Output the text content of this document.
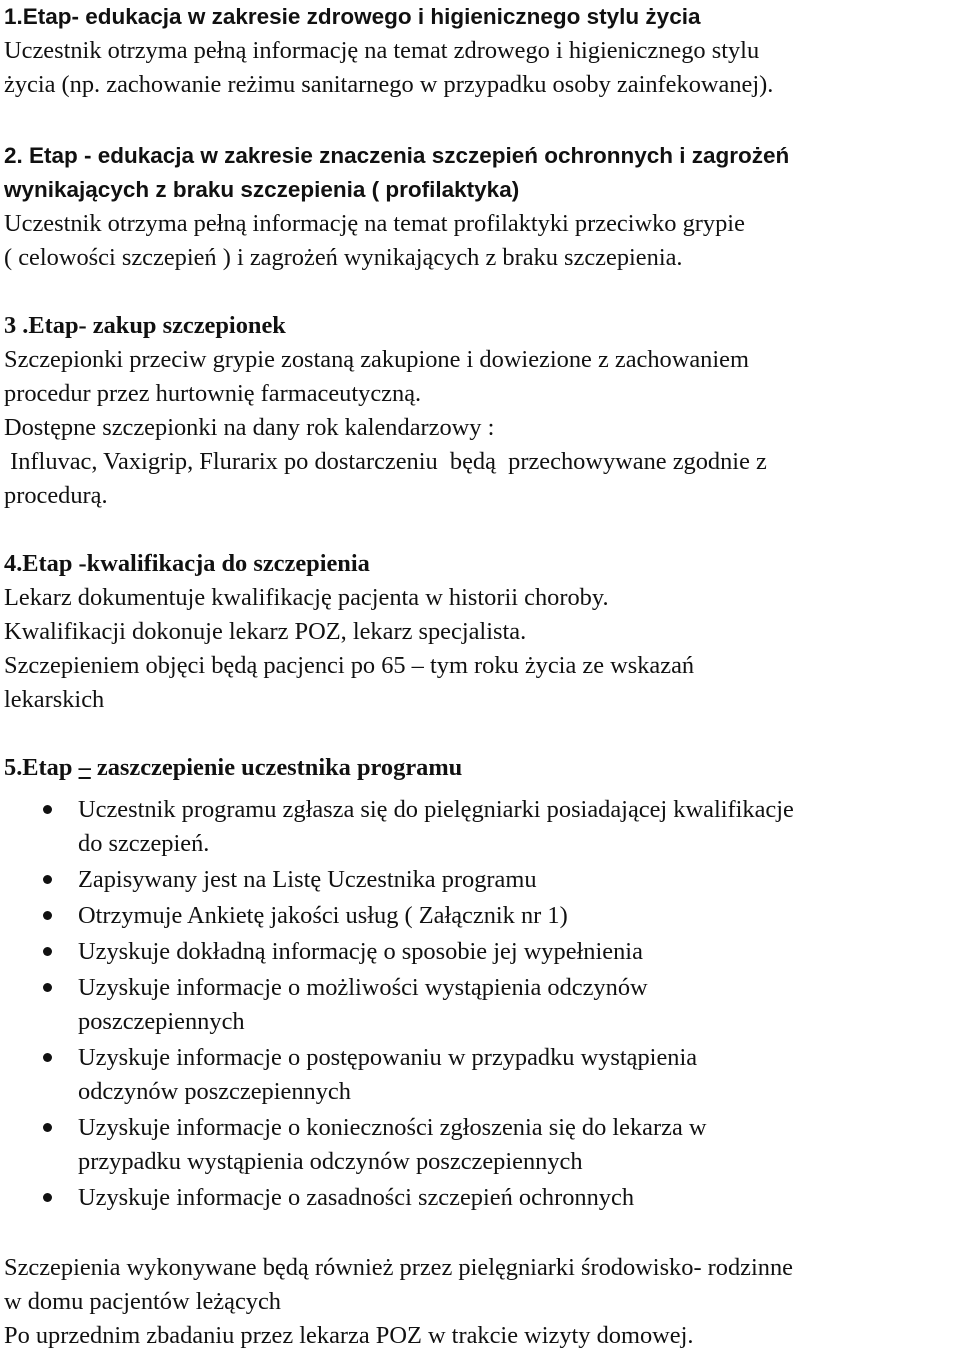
1.Etap- edukacja w zakresie zdrowego i higienicznego stylu życia

Uczestnik otrzyma pełną informację na temat zdrowego i higienicznego stylu

życia (np. zachowanie reżimu sanitarnego w przypadku osoby zainfekowanej).

2. Etap - edukacja w zakresie znaczenia szczepień ochronnych i zagrożeń

wynikających z braku szczepienia ( profilaktyka)

Uczestnik otrzyma pełną informację na temat profilaktyki przeciwko grypie

( celowości szczepień ) i zagrożeń wynikających z braku szczepienia.

3 .Etap- zakup szczepionek

Szczepionki przeciw grypie zostaną zakupione i dowiezione z zachowaniem

procedur przez hurtownię farmaceutyczną.

Dostępne szczepionki na dany rok kalendarzowy :

Influvac, Vaxigrip, Flurarix po dostarczeniu  będą  przechowywane zgodnie z

procedurą.

4.Etap -kwalifikacja do szczepienia

Lekarz dokumentuje kwalifikację pacjenta w historii choroby.

Kwalifikacji dokonuje lekarz POZ, lekarz specjalista.

Szczepieniem objęci będą pacjenci po 65 – tym roku życia ze wskazań

lekarskich

5.Etap – zaszczepienie uczestnika programu

Uczestnik programu zgłasza się do pielęgniarki posiadającej kwalifikacje
do szczepień.
Zapisywany jest na Listę Uczestnika programu
Otrzymuje Ankietę jakości usług ( Załącznik nr 1)
Uzyskuje dokładną informację o sposobie jej wypełnienia
Uzyskuje informacje o możliwości wystąpienia odczynów
poszczepiennych
Uzyskuje informacje o postępowaniu w przypadku wystąpienia
odczynów poszczepiennych
Uzyskuje informacje o konieczności zgłoszenia się do lekarza w
przypadku wystąpienia odczynów poszczepiennych
Uzyskuje informacje o zasadności szczepień ochronnych

Szczepienia wykonywane będą również przez pielęgniarki środowisko- rodzinne

w domu pacjentów leżących

Po uprzednim zbadaniu przez lekarza POZ w trakcie wizyty domowej.
